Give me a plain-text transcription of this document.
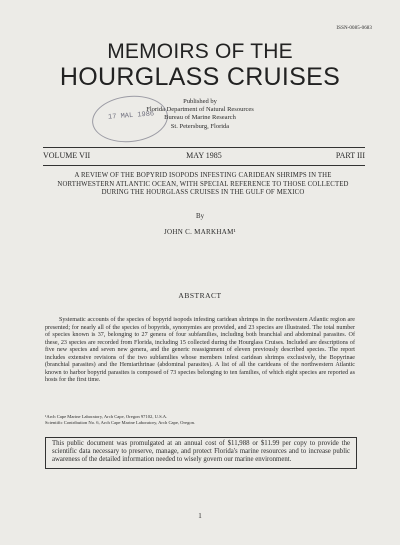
ISSN-0085-0683
MEMOIRS OF THE
HOURGLASS CRUISES
17 MAL 1986
Published by
Florida Department of Natural Resources
Bureau of Marine Research
St. Petersburg, Florida
VOLUME VII	MAY 1985	PART III
A REVIEW OF THE BOPYRID ISOPODS INFESTING CARIDEAN SHRIMPS IN THE NORTHWESTERN ATLANTIC OCEAN, WITH SPECIAL REFERENCE TO THOSE COLLECTED DURING THE HOURGLASS CRUISES IN THE GULF OF MEXICO
By
JOHN C. MARKHAM¹
ABSTRACT
Systematic accounts of the species of bopyrid isopods infesting caridean shrimps in the northwestern Atlantic region are presented; for nearly all of the species of bopyrids, synonymies are provided, and 23 species are illustrated. The total number of species known is 37, belonging to 27 genera of four subfamilies, including both branchial and abdominal parasites. Of these, 23 species are recorded from Florida, including 15 collected during the Hourglass Cruises. Included are descriptions of five new species and seven new genera, and the generic reassignment of eleven previously described species. The report includes extensive revisions of the two subfamilies whose members infest caridean shrimps exclusively, the Bopyrinae (branchial parasites) and the Hemiarthrinae (abdominal parasites). A list of all the carideans of the northwestern Atlantic known to harbor bopyrid parasites is composed of 73 species belonging to ten families, of which eight species are reported as hosts for the first time.
¹Arch Cape Marine Laboratory, Arch Cape, Oregon 97102, U.S.A.
Scientific Contribution No. 6, Arch Cape Marine Laboratory, Arch Cape, Oregon.
This public document was promulgated at an annual cost of $11,988 or $11.99 per copy to provide the scientific data necessary to preserve, manage, and protect Florida's marine resources and to increase public awareness of the detailed information needed to wisely govern our marine environment.
1
